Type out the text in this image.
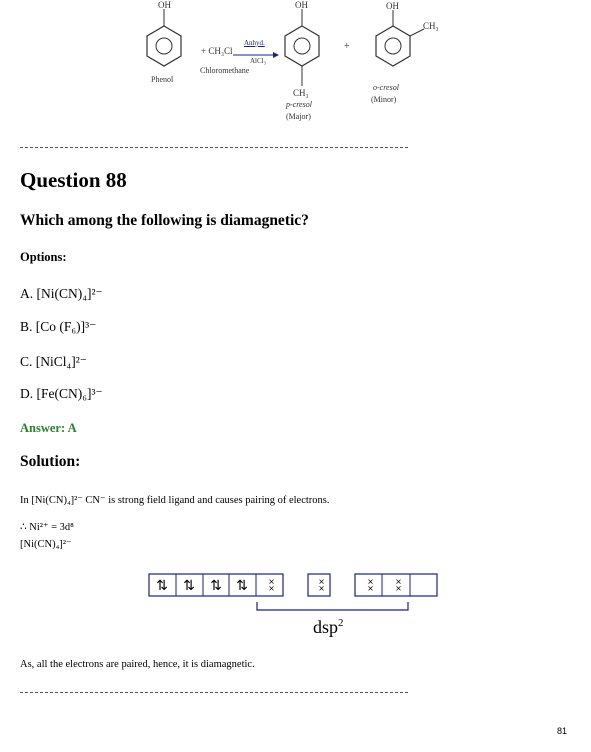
OH
Phenol
+ CH₃Cl
Anhyd.
AlCl₃
Chloromethane
OH
CH₃
p-cresol
(Major)
+
OH
CH₃
o-cresol
(Minor)
Question 88
Which among the following is diamagnetic?
Options:
A. [Ni(CN)₄]²⁻
B. [Co (F₆)]³⁻
C. [NiCl₄]²⁻
D. [Fe(CN)₆]³⁻
Answer: A
Solution:
In [Ni(CN)₄]²⁻ CN⁻ is strong field ligand and causes pairing of electrons.
∴ Ni²⁺ = 3d⁸
[Ni(CN)₄]²⁻
⇅ ⇅ ⇅ ⇅ ××	××	×× ××
dsp$^2$
As, all the electrons are paired, hence, it is diamagnetic.
81
